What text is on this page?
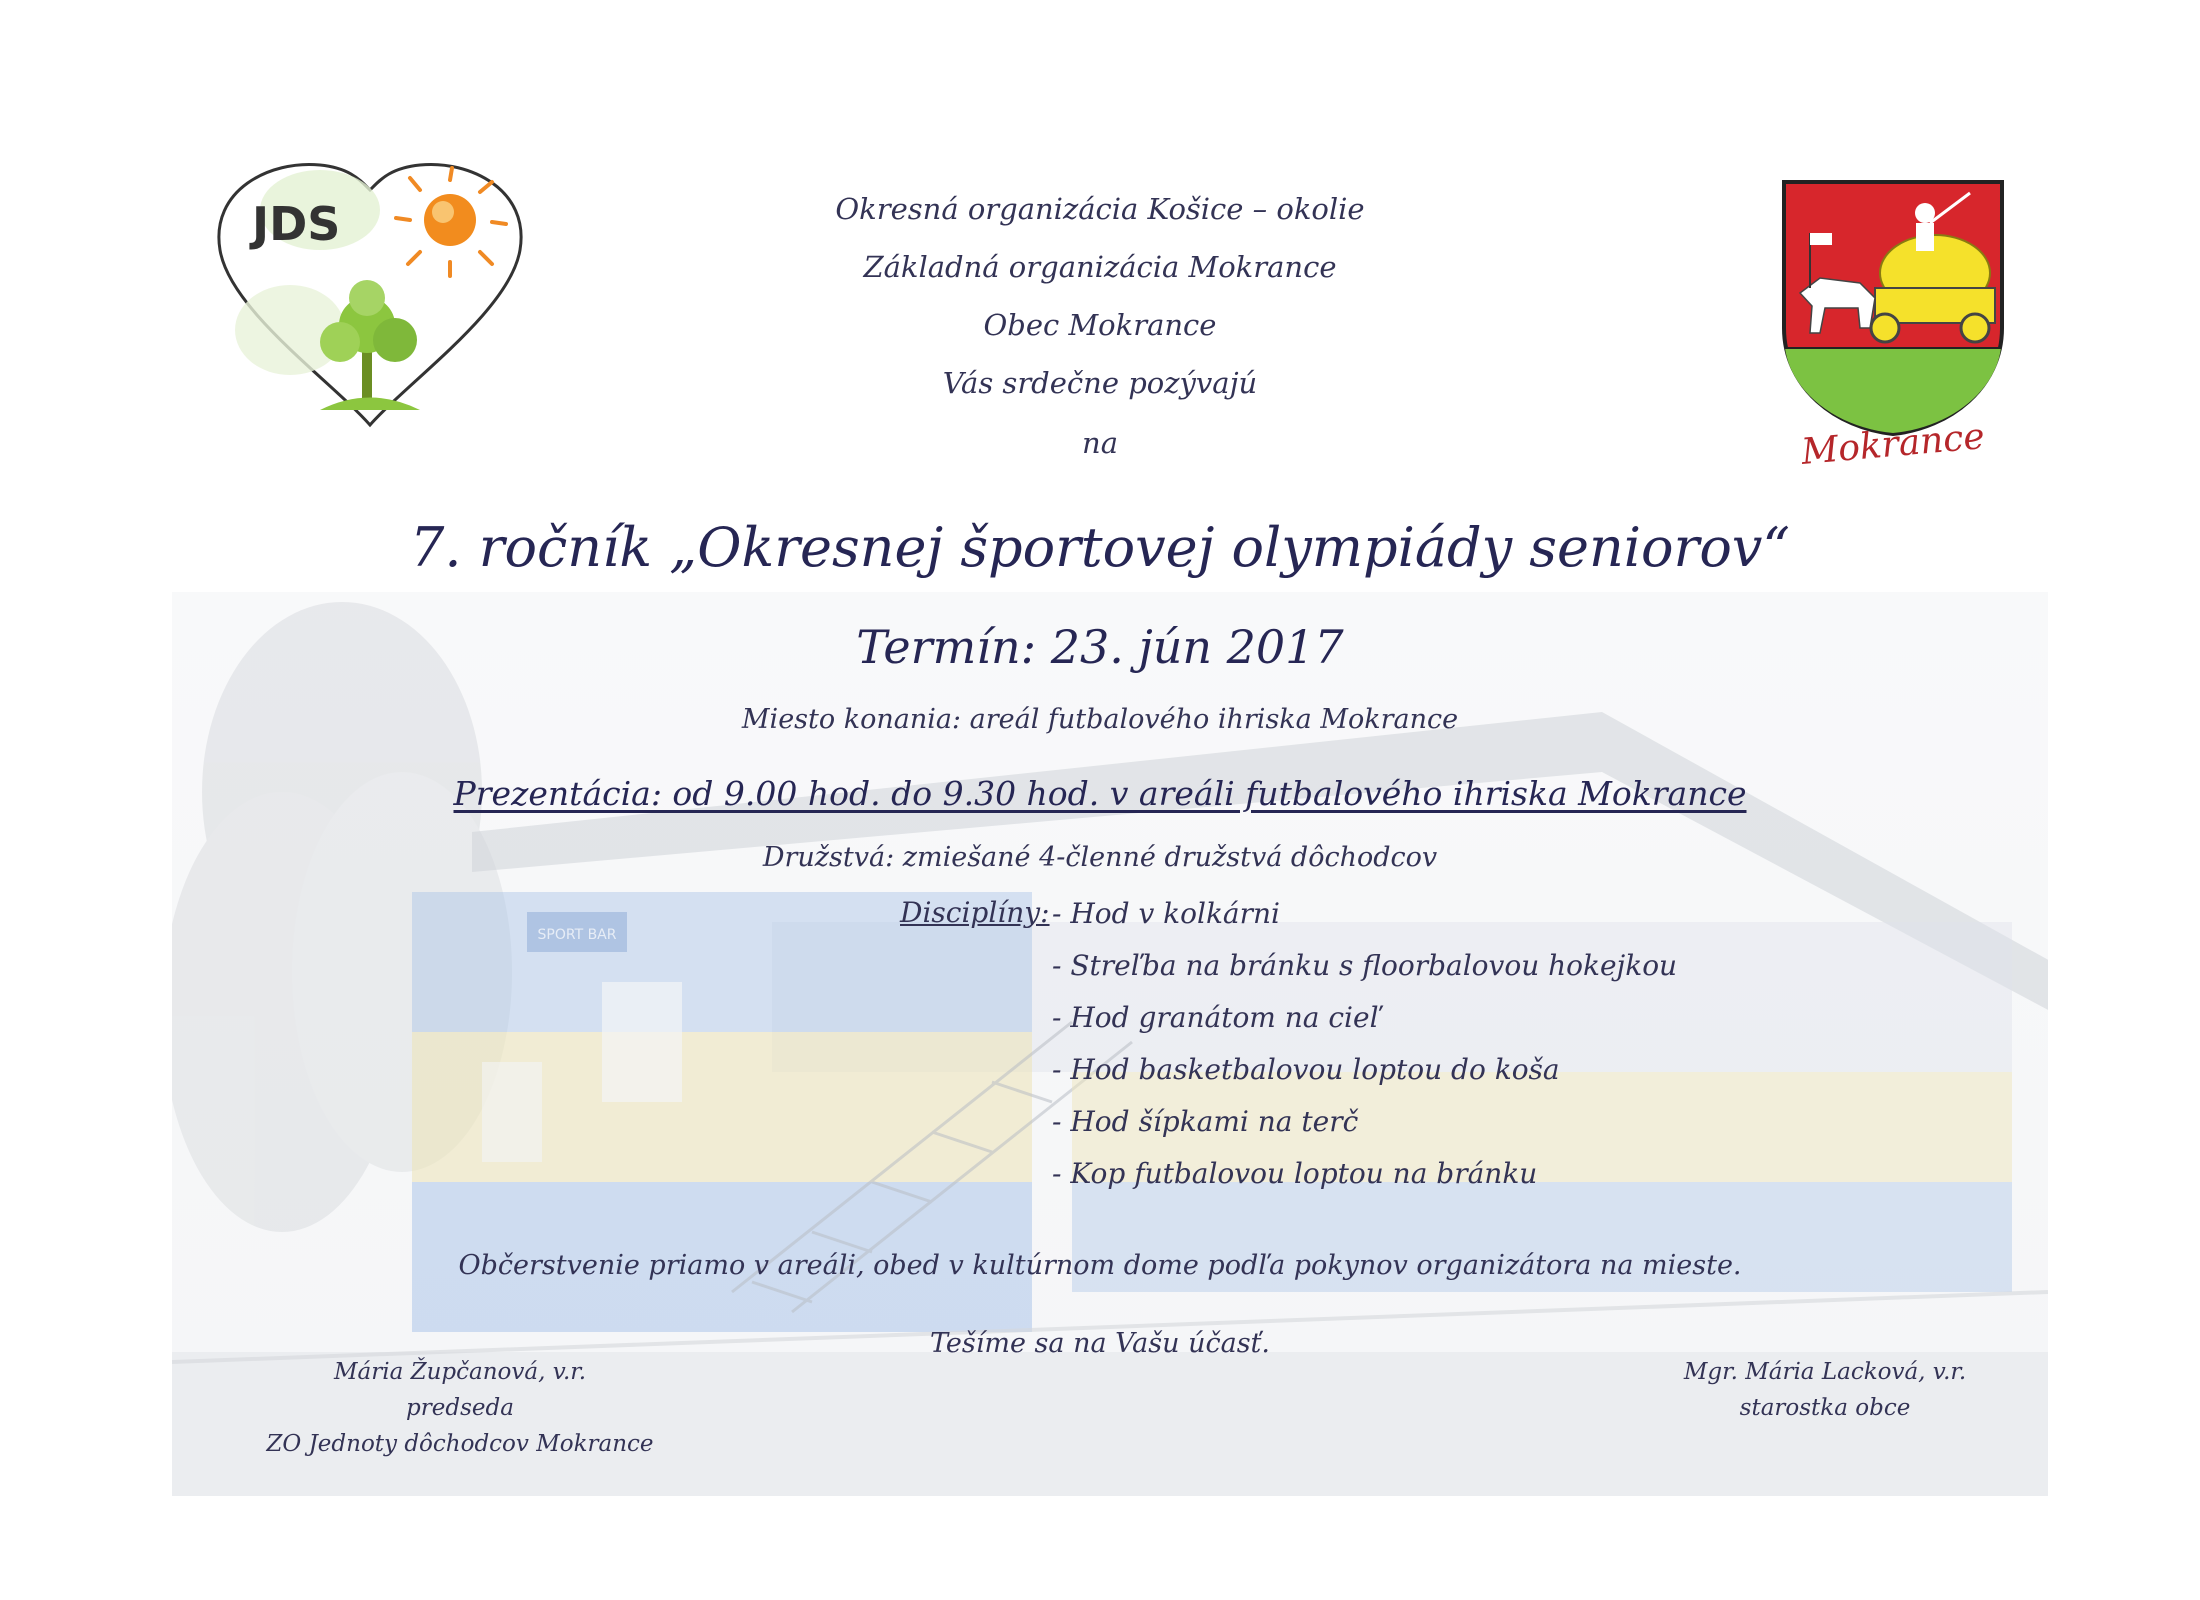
SPORT BAR
JDS
Mokrance
Okresná organizácia Košice – okolie
Základná organizácia Mokrance
Obec Mokrance
Vás srdečne pozývajú
na
7. ročník „Okresnej športovej olympiády seniorov“
Termín: 23. jún 2017
Miesto konania: areál futbalového ihriska Mokrance
Prezentácia: od 9.00 hod. do 9.30 hod. v areáli futbalového ihriska Mokrance
Družstvá: zmiešané 4-členné družstvá dôchodcov
Disciplíny: - Hod v kolkárni
- Streľba na bránku s floorbalovou hokejkou
- Hod granátom na cieľ
- Hod basketbalovou loptou do koša
- Hod šípkami na terč
- Kop futbalovou loptou na bránku
Občerstvenie priamo v areáli, obed v kultúrnom dome podľa pokynov organizátora na mieste.
Tešíme sa na Vašu účasť.
Mária Župčanová, v.r.
predseda
ZO Jednoty dôchodcov Mokrance
Mgr. Mária Lacková, v.r.
starostka obce
